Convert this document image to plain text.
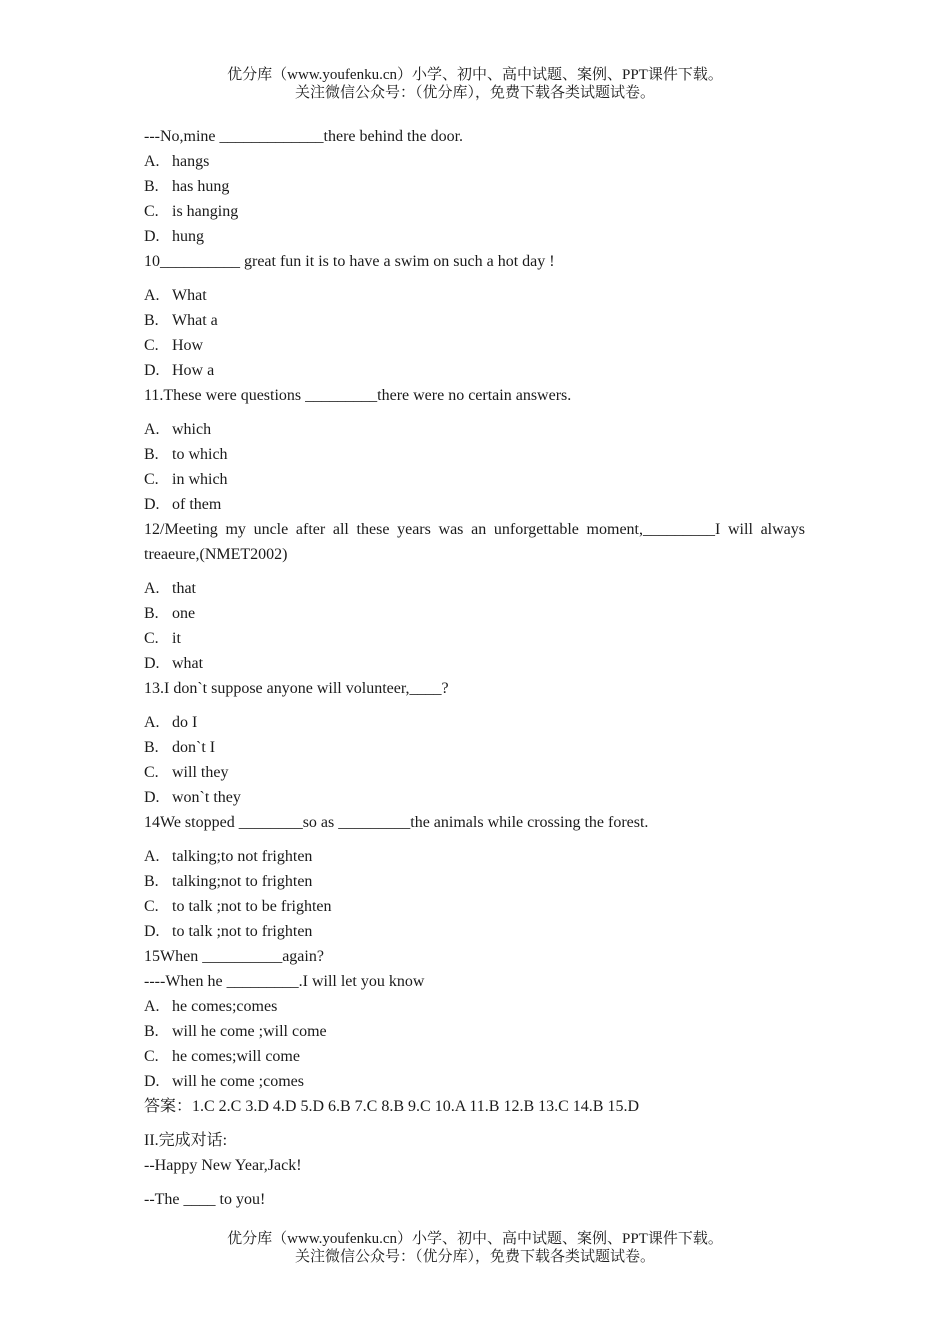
优分库（www.youfenku.cn）小学、初中、高中试题、案例、PPT课件下载。
关注微信公众号：（优分库），免费下载各类试题试卷。
---No,mine _____________there behind the door.
A. hangs
B. has hung
C. is hanging
D. hung
10__________ great fun it is to have a swim on such a hot day !
A. What
B. What a
C. How
D. How a
11.These were questions _________there were no certain answers.
A. which
B. to which
C. in which
D. of them
12/Meeting my uncle after all these years was an unforgettable moment,_________I will always treaeure,(NMET2002)
A. that
B. one
C. it
D. what
13.I don`t suppose anyone will volunteer,____?
A. do I
B. don`t I
C. will they
D. won`t they
14We stopped ________so as _________the animals while crossing the forest.
A. talking;to not frighten
B. talking;not to frighten
C. to talk ;not to be frighten
D. to talk ;not to frighten
15When __________again?
----When he _________.I will let you know
A. he comes;comes
B. will he come ;will come
C. he comes;will come
D. will he come ;comes
答案：1.C 2.C 3.D 4.D 5.D 6.B 7.C 8.B 9.C 10.A 11.B 12.B 13.C 14.B 15.D
II.完成对话:
--Happy New Year,Jack!
--The ____ to you!
优分库（www.youfenku.cn）小学、初中、高中试题、案例、PPT课件下载。
关注微信公众号：（优分库），免费下载各类试题试卷。
